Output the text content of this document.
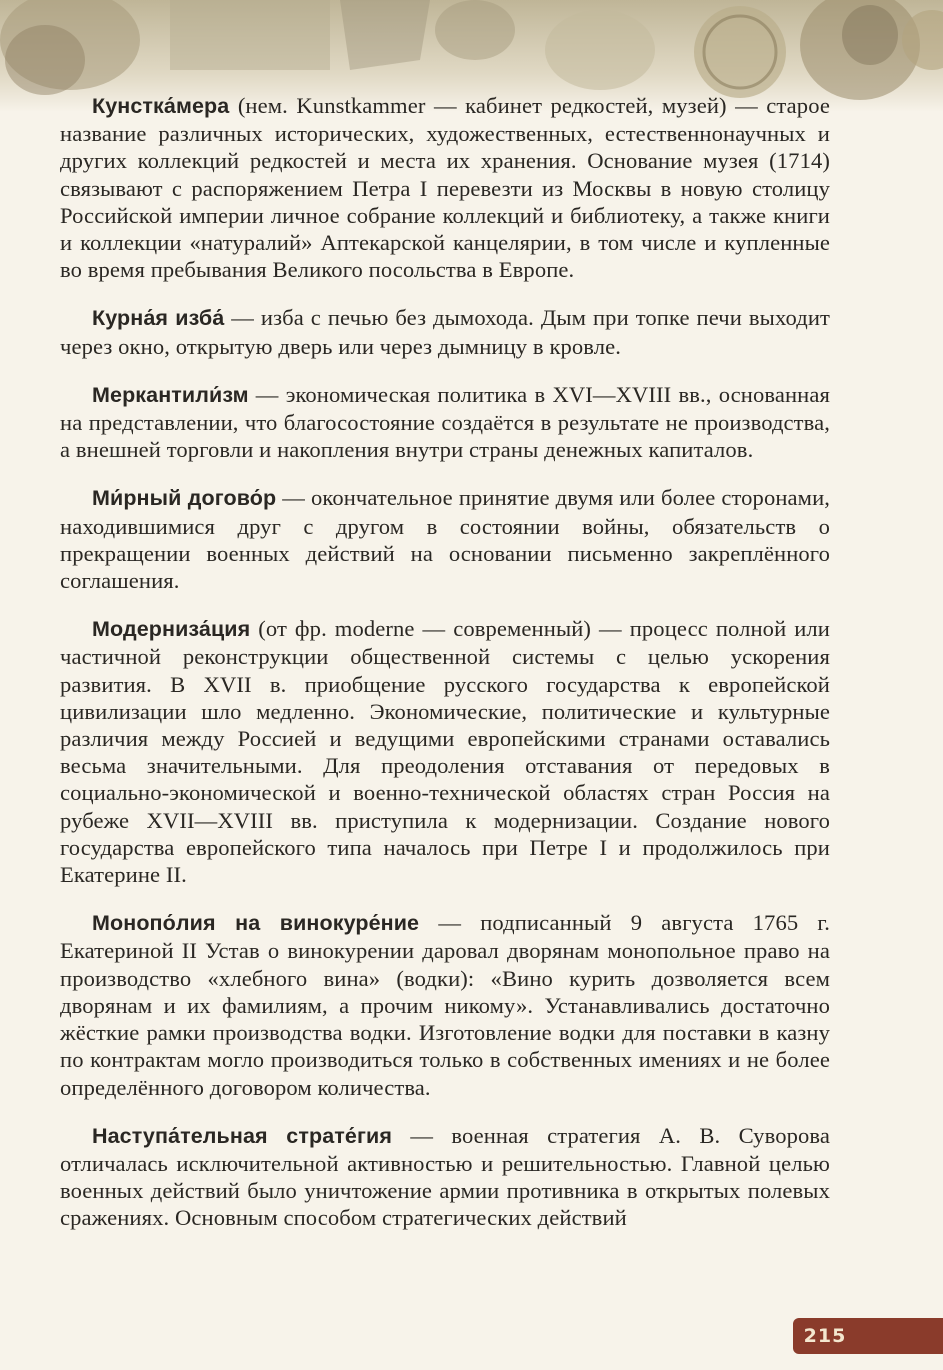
Кунстка́мера (нем. Kunstkammer — кабинет редкостей, музей) — старое название различных исторических, художественных, естественнонаучных и других коллекций редкостей и места их хранения. Основание музея (1714) связывают с распоряжением Петра I перевезти из Москвы в новую столицу Российской империи личное собрание коллекций и библиотеку, а также книги и коллекции «натуралий» Аптекарской канцелярии, в том числе и купленные во время пребывания Великого посольства в Европе.

Курна́я изба́ — изба с печью без дымохода. Дым при топке печи выходит через окно, открытую дверь или через дымницу в кровле.

Меркантили́зм — экономическая политика в XVI—XVIII вв., основанная на представлении, что благосостояние создаётся в результате не производства, а внешней торговли и накопления внутри страны денежных капиталов.

Ми́рный догово́р — окончательное принятие двумя или более сторонами, находившимися друг с другом в состоянии войны, обязательств о прекращении военных действий на основании письменно закреплённого соглашения.

Модерниза́ция (от фр. moderne — современный) — процесс полной или частичной реконструкции общественной системы с целью ускорения развития. В XVII в. приобщение русского государства к европейской цивилизации шло медленно. Экономические, политические и культурные различия между Россией и ведущими европейскими странами оставались весьма значительными. Для преодоления отставания от передовых в социально-экономической и военно-технической областях стран Россия на рубеже XVII—XVIII вв. приступила к модернизации. Создание нового государства европейского типа началось при Петре I и продолжилось при Екатерине II.

Монопо́лия на винокуре́ние — подписанный 9 августа 1765 г. Екатериной II Устав о винокурении даровал дворянам монопольное право на производство «хлебного вина» (водки): «Вино курить дозволяется всем дворянам и их фамилиям, а прочим никому». Устанавливались достаточно жёсткие рамки производства водки. Изготовление водки для поставки в казну по контрактам могло производиться только в собственных имениях и не более определённого договором количества.

Наступа́тельная страте́гия — военная стратегия А. В. Суворова отличалась исключительной активностью и решительностью. Главной целью военных действий было уничтожение армии противника в открытых полевых сражениях. Основным способом стратегических действий

215
